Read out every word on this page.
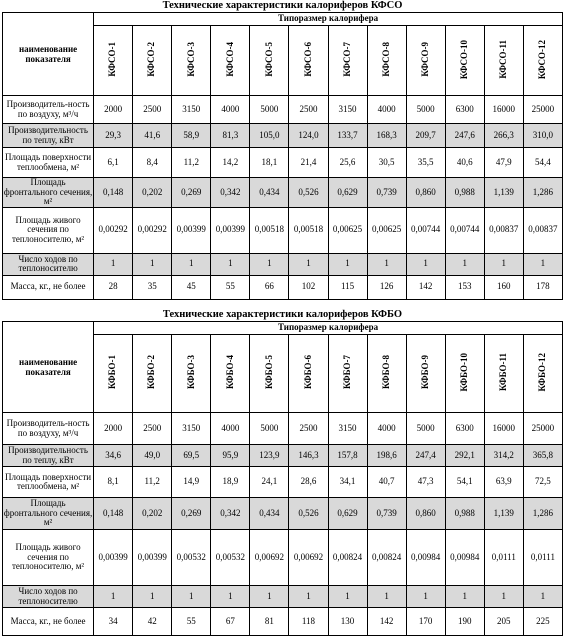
Технические характеристики калориферов КФСО
наименование показателя	Типоразмер калорифера											
	КФСО-1	КФСО-2	КФСО-3	КФСО-4	КФСО-5	КФСО-6	КФСО-7	КФСО-8	КФСО-9	КФСО-10	КФСО-11	КФСО-12
Производитель-ность по воздуху, м³/ч	2000	2500	3150	4000	5000	2500	3150	4000	5000	6300	16000	25000
Производительность по теплу, кВт	29,3	41,6	58,9	81,3	105,0	124,0	133,7	168,3	209,7	247,6	266,3	310,0
Площадь поверхности теплообмена, м²	6,1	8,4	11,2	14,2	18,1	21,4	25,6	30,5	35,5	40,6	47,9	54,4
Площадь фронтального сечения, м²	0,148	0,202	0,269	0,342	0,434	0,526	0,629	0,739	0,860	0,988	1,139	1,286
Площадь живого сечения по теплоносителю, м²	0,00292	0,00292	0,00399	0,00399	0,00518	0,00518	0,00625	0,00625	0,00744	0,00744	0,00837	0,00837
Число ходов по теплоносителю	1	1	1	1	1	1	1	1	1	1	1	1
Масса, кг., не более	28	35	45	55	66	102	115	126	142	153	160	178
Технические характеристики калориферов КФБО
наименование показателя	Типоразмер калорифера											
	КФБО-1	КФБО-2	КФБО-3	КФБО-4	КФБО-5	КФБО-6	КФБО-7	КФБО-8	КФБО-9	КФБО-10	КФБО-11	КФБО-12
Производитель-ность по воздуху, м³/ч	2000	2500	3150	4000	5000	2500	3150	4000	5000	6300	16000	25000
Производительность по теплу, кВт	34,6	49,0	69,5	95,9	123,9	146,3	157,8	198,6	247,4	292,1	314,2	365,8
Площадь поверхности теплообмена, м²	8,1	11,2	14,9	18,9	24,1	28,6	34,1	40,7	47,3	54,1	63,9	72,5
Площадь фронтального сечения, м²	0,148	0,202	0,269	0,342	0,434	0,526	0,629	0,739	0,860	0,988	1,139	1,286
Площадь живого сечения по теплоносителю, м²	0,00399	0,00399	0,00532	0,00532	0,00692	0,00692	0,00824	0,00824	0,00984	0,00984	0,0111	0,0111
Число ходов по теплоносителю	1	1	1	1	1	1	1	1	1	1	1	1
Масса, кг., не более	34	42	55	67	81	118	130	142	170	190	205	225
